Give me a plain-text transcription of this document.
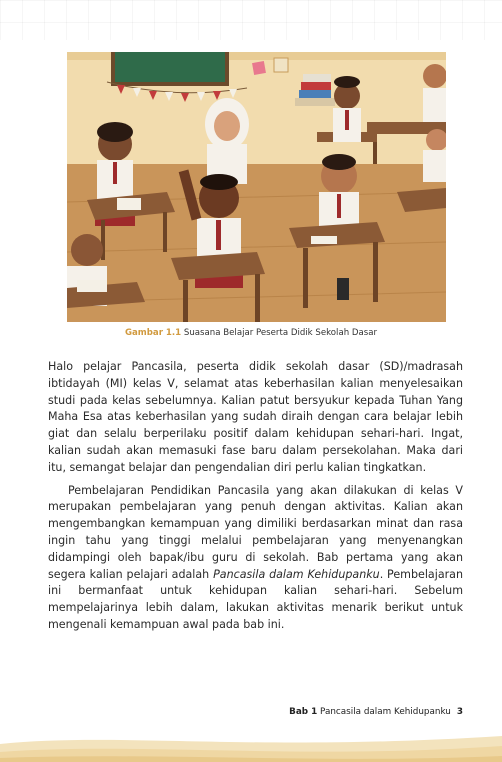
Gambar 1.1 Suasana Belajar Peserta Didik Sekolah Dasar

Halo pelajar Pancasila, peserta didik sekolah dasar (SD)/madrasah ibtidayah (MI) kelas V, selamat atas keberhasilan kalian menyelesaikan studi pada kelas sebelumnya. Kalian patut bersyukur kepada Tuhan Yang Maha Esa atas keberhasilan yang sudah diraih dengan cara belajar lebih giat dan selalu berperilaku positif dalam kehidupan sehari-hari. Ingat, kalian sudah akan memasuki fase baru dalam persekolahan. Maka dari itu, semangat belajar dan pengendalian diri perlu kalian tingkatkan.

Pembelajaran Pendidikan Pancasila yang akan dilakukan di kelas V merupakan pembelajaran yang penuh dengan aktivitas. Kalian akan mengembangkan kemampuan yang dimiliki berdasarkan minat dan rasa ingin tahu yang tinggi melalui pembelajaran yang menyenangkan didampingi oleh bapak/ibu guru di sekolah. Bab pertama yang akan segera kalian pelajari adalah Pancasila dalam Kehidupanku. Pembelajaran ini bermanfaat untuk kehidupan kalian sehari-hari. Sebelum mempelajarinya lebih dalam, lakukan aktivitas menarik berikut untuk mengenali kemampuan awal pada bab ini.

Bab 1 Pancasila dalam Kehidupanku 3
